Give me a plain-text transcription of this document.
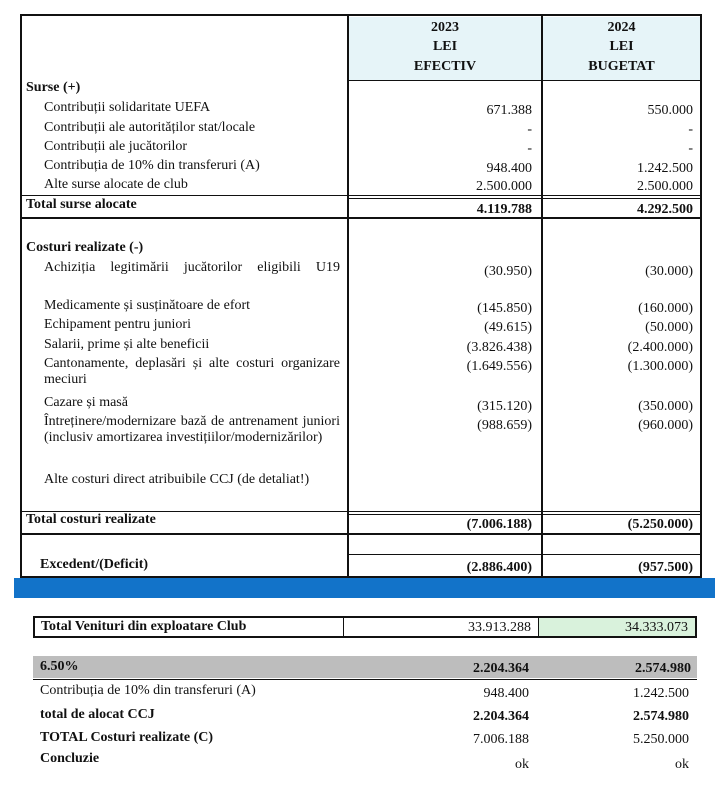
2023
LEI
EFECTIV
2024
LEI
BUGETAT
Surse (+)
Contribuții solidaritate UEFA	671.388	550.000
Contribuții ale autorităților stat/locale	-	-
Contribuții ale jucătorilor	-	-
Contribuția de 10% din transferuri (A)	948.400	1.242.500
Alte surse alocate de club	2.500.000	2.500.000
Total surse alocate	4.119.788	4.292.500
Costuri realizate (-)
Achiziția legitimării jucătorilor eligibili U19	(30.950)	(30.000)
Medicamente și susținătoare de efort	(145.850)	(160.000)
Echipament pentru juniori	(49.615)	(50.000)
Salarii, prime și alte beneficii	(3.826.438)	(2.400.000)
Cantonamente, deplasări și alte costuri organizare meciuri
(1.649.556)	(1.300.000)
Cazare și masă	(315.120)	(350.000)
Întreținere/modernizare bază de antrenament juniori (inclusiv amortizarea investițiilor/modernizărilor)
(988.659)	(960.000)
Alte costuri direct atribuibile CCJ (de detaliat!)
Total costuri realizate	(7.006.188)	(5.250.000)
Excedent/(Deficit)	(2.886.400)	(957.500)
Total Venituri din exploatare Club	33.913.288	34.333.073
6.50%	2.204.364	2.574.980
Contribuția de 10% din transferuri (A)	948.400	1.242.500
total de alocat CCJ	2.204.364	2.574.980
TOTAL Costuri realizate (C)	7.006.188	5.250.000
Concluzie	ok	ok
